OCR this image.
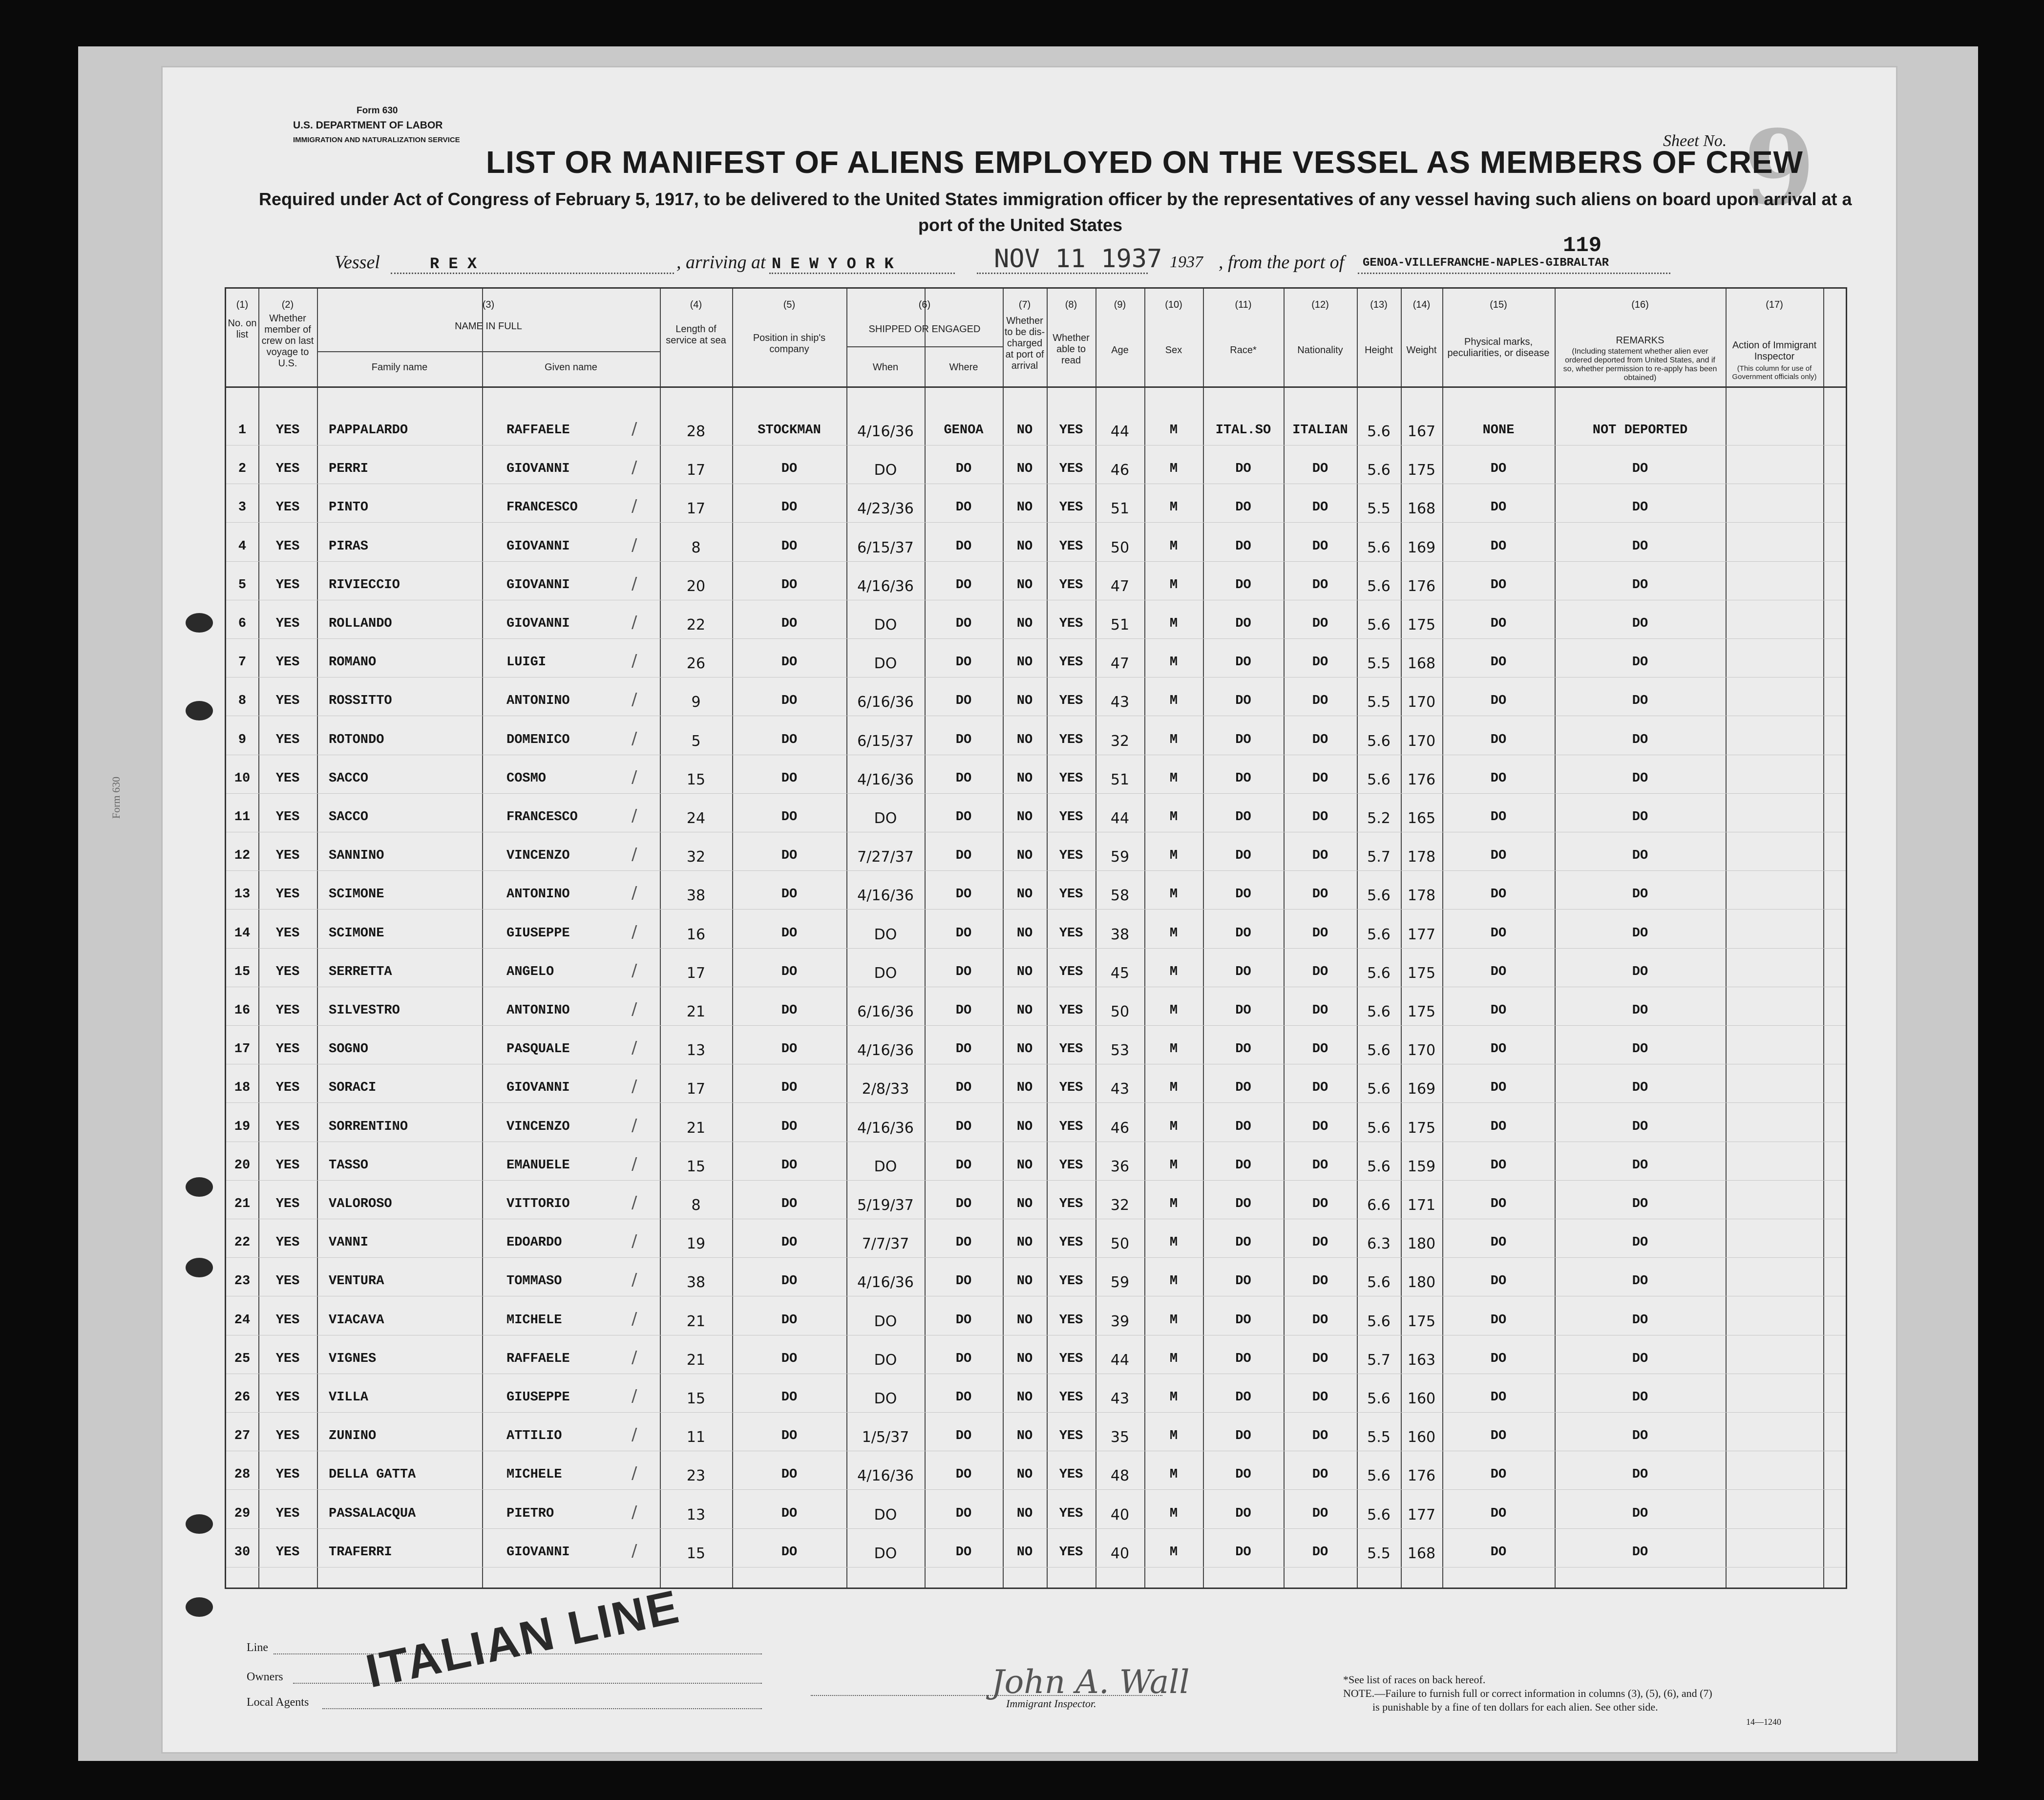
Form 630
Form 630
U.S. DEPARTMENT OF LABOR
IMMIGRATION AND NATURALIZATION SERVICE	Sheet No. 9
LIST OR MANIFEST OF ALIENS EMPLOYED ON THE VESSEL AS MEMBERS OF CREW
Required under Act of Congress of February 5, 1917, to be delivered to the United States immigration officer by the representatives of any vessel having such aliens on board upon arrival at a
port of the United States
119
Vessel	R E X	, arriving at N E W Y O R K	NOV 11 1937 1937 , from the port of GENOA-VILLEFRANCHE-NAPLES-GIBRALTAR
(1)	(2)	(3)	(4)	(5)	(6)	(7)	(8)	(9)	(10)	(11)	(12)	(13)	(14)	(15)	(16)	(17)
No. on list
Whether member of crew on last voyage to U.S.
NAME IN FULL
Family name	Given name
Length of service at sea	Position in ship's company
SHIPPED OR ENGAGED
When	Where
Whether to be dis-charged at port of arrival
Whether able to read
Age	Sex	Race*	Nationality	Height	Weight
Physical marks, peculiarities, or disease
REMARKS
(Including statement whether alien ever ordered deported from United States, and if so, whether permission to re-apply has been obtained)
Action of Immigrant Inspector
(This column for use of Government officials only)
1	YES	PAPPALARDO	RAFFAELE	28	STOCKMAN	4/16/36	GENOA	NO	YES	44	M	ITAL.SO	ITALIAN	5.6	167	NONE	NOT DEPORTED
/
2	YES	PERRI	GIOVANNI	17	DO	DO	DO	NO	YES	46	M	DO	DO	5.6	175	DO	DO
/
3	YES	PINTO	FRANCESCO	17	DO	4/23/36	DO	NO	YES	51	M	DO	DO	5.5	168	DO	DO
/
4	YES	PIRAS	GIOVANNI	8	DO	6/15/37	DO	NO	YES	50	M	DO	DO	5.6	169	DO	DO
/
5	YES	RIVIECCIO	GIOVANNI	20	DO	4/16/36	DO	NO	YES	47	M	DO	DO	5.6	176	DO	DO
/
6	YES	ROLLANDO	GIOVANNI	22	DO	DO	DO	NO	YES	51	M	DO	DO	5.6	175	DO	DO
/
7	YES	ROMANO	LUIGI	26	DO	DO	DO	NO	YES	47	M	DO	DO	5.5	168	DO	DO
/
8	YES	ROSSITTO	ANTONINO	9	DO	6/16/36	DO	NO	YES	43	M	DO	DO	5.5	170	DO	DO
/
9	YES	ROTONDO	DOMENICO	5	DO	6/15/37	DO	NO	YES	32	M	DO	DO	5.6	170	DO	DO
/
10	YES	SACCO	COSMO	15	DO	4/16/36	DO	NO	YES	51	M	DO	DO	5.6	176	DO	DO
/
11	YES	SACCO	FRANCESCO	24	DO	DO	DO	NO	YES	44	M	DO	DO	5.2	165	DO	DO
/
12	YES	SANNINO	VINCENZO	32	DO	7/27/37	DO	NO	YES	59	M	DO	DO	5.7	178	DO	DO
/
13	YES	SCIMONE	ANTONINO	38	DO	4/16/36	DO	NO	YES	58	M	DO	DO	5.6	178	DO	DO
/
14	YES	SCIMONE	GIUSEPPE	16	DO	DO	DO	NO	YES	38	M	DO	DO	5.6	177	DO	DO
/
15	YES	SERRETTA	ANGELO	17	DO	DO	DO	NO	YES	45	M	DO	DO	5.6	175	DO	DO
/
16	YES	SILVESTRO	ANTONINO	21	DO	6/16/36	DO	NO	YES	50	M	DO	DO	5.6	175	DO	DO
/
17	YES	SOGNO	PASQUALE	13	DO	4/16/36	DO	NO	YES	53	M	DO	DO	5.6	170	DO	DO
/
18	YES	SORACI	GIOVANNI	17	DO	2/8/33	DO	NO	YES	43	M	DO	DO	5.6	169	DO	DO
/
19	YES	SORRENTINO	VINCENZO	21	DO	4/16/36	DO	NO	YES	46	M	DO	DO	5.6	175	DO	DO
/
20	YES	TASSO	EMANUELE	15	DO	DO	DO	NO	YES	36	M	DO	DO	5.6	159	DO	DO
/
21	YES	VALOROSO	VITTORIO	8	DO	5/19/37	DO	NO	YES	32	M	DO	DO	6.6	171	DO	DO
/
22	YES	VANNI	EDOARDO	19	DO	7/7/37	DO	NO	YES	50	M	DO	DO	6.3	180	DO	DO
/
23	YES	VENTURA	TOMMASO	38	DO	4/16/36	DO	NO	YES	59	M	DO	DO	5.6	180	DO	DO
/
24	YES	VIACAVA	MICHELE	21	DO	DO	DO	NO	YES	39	M	DO	DO	5.6	175	DO	DO
/
25	YES	VIGNES	RAFFAELE	21	DO	DO	DO	NO	YES	44	M	DO	DO	5.7	163	DO	DO
/
26	YES	VILLA	GIUSEPPE	15	DO	DO	DO	NO	YES	43	M	DO	DO	5.6	160	DO	DO
/
27	YES	ZUNINO	ATTILIO	11	DO	1/5/37	DO	NO	YES	35	M	DO	DO	5.5	160	DO	DO
/
28	YES	DELLA GATTA	MICHELE	23	DO	4/16/36	DO	NO	YES	48	M	DO	DO	5.6	176	DO	DO
/
29	YES	PASSALACQUA	PIETRO	13	DO	DO	DO	NO	YES	40	M	DO	DO	5.6	177	DO	DO
/
30	YES	TRAFERRI	GIOVANNI	15	DO	DO	DO	NO	YES	40	M	DO	DO	5.5	168	DO	DO
/
Line
Owners
Local Agents
ITALIAN LINE	John A. Wall
Immigrant Inspector.
*See list of races on back hereof.
NOTE.—Failure to furnish full or correct information in columns (3), (5), (6), and (7)
is punishable by a fine of ten dollars for each alien. See other side.
14—1240
